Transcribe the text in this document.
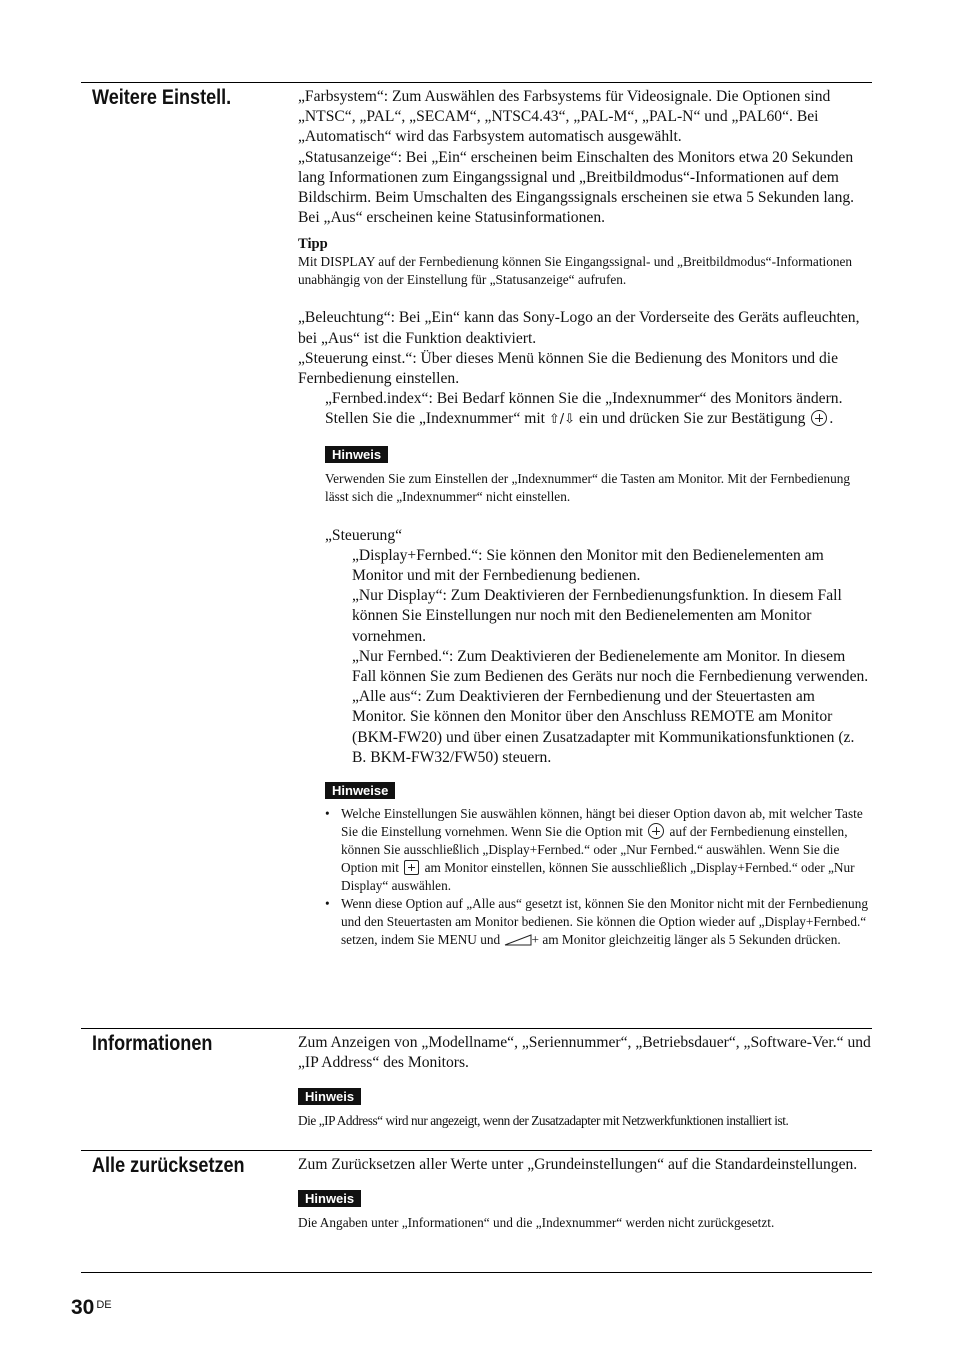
Weitere Einstell.	„Farbsystem“: Zum Auswählen des Farbsystems für Videosignale. Die Optionen sind „NTSC“, „PAL“, „SECAM“, „NTSC4.43“, „PAL-M“, „PAL-N“ und „PAL60“. Bei „Automatisch“ wird das Farbsystem automatisch ausgewählt.

„Statusanzeige“: Bei „Ein“ erscheinen beim Einschalten des Monitors etwa 20 Sekunden lang Informationen zum Eingangssignal und „Breitbildmodus“-Informationen auf dem Bildschirm. Beim Umschalten des Eingangssignals erscheinen sie etwa 5 Sekunden lang. Bei „Aus“ erscheinen keine Statusinformationen.

Tipp

Mit DISPLAY auf der Fernbedienung können Sie Eingangssignal- und „Breitbildmodus“-Informationen unabhängig von der Einstellung für „Statusanzeige“ aufrufen.

„Beleuchtung“: Bei „Ein“ kann das Sony-Logo an der Vorderseite des Geräts aufleuchten, bei „Aus“ ist die Funktion deaktiviert.

„Steuerung einst.“: Über dieses Menü können Sie die Bedienung des Monitors und die Fernbedienung einstellen.

„Fernbed.index“: Bei Bedarf können Sie die „Indexnummer“ des Monitors ändern. Stellen Sie die „Indexnummer“ mit ⇧/⇩ ein und drücken Sie zur Bestätigung .

Hinweis

Verwenden Sie zum Einstellen der „Indexnummer“ die Tasten am Monitor. Mit der Fernbedienung lässt sich die „Indexnummer“ nicht einstellen.

„Steuerung“

„Display+Fernbed.“: Sie können den Monitor mit den Bedienelementen am Monitor und mit der Fernbedienung bedienen.

„Nur Display“: Zum Deaktivieren der Fernbedienungsfunktion. In diesem Fall können Sie Einstellungen nur noch mit den Bedienelementen am Monitor vornehmen.

„Nur Fernbed.“: Zum Deaktivieren der Bedienelemente am Monitor. In diesem Fall können Sie zum Bedienen des Geräts nur noch die Fernbedienung verwenden.

„Alle aus“: Zum Deaktivieren der Fernbedienung und der Steuertasten am Monitor. Sie können den Monitor über den Anschluss REMOTE am Monitor (BKM-FW20) und über einen Zusatzadapter mit Kommunikationsfunktionen (z. B. BKM-FW32/FW50) steuern.

Hinweise

• Welche Einstellungen Sie auswählen können, hängt bei dieser Option davon ab, mit welcher Taste Sie die Einstellung vornehmen. Wenn Sie die Option mit  auf der Fernbedienung einstellen, können Sie ausschließlich „Display+Fernbed.“ oder „Nur Fernbed.“ auswählen. Wenn Sie die Option mit  am Monitor einstellen, können Sie ausschließlich „Display+Fernbed.“ oder „Nur Display“ auswählen.

• Wenn diese Option auf „Alle aus“ gesetzt ist, können Sie den Monitor nicht mit der Fernbedienung und den Steuertasten am Monitor bedienen. Sie können die Option wieder auf „Display+Fernbed.“ setzen, indem Sie MENU und + am Monitor gleichzeitig länger als 5 Sekunden drücken.

Informationen	Zum Anzeigen von „Modellname“, „Seriennummer“, „Betriebsdauer“, „Software-Ver.“ und „IP Address“ des Monitors.

Hinweis

Die „IP Address“ wird nur angezeigt, wenn der Zusatzadapter mit Netzwerkfunktionen installiert ist.

Alle zurücksetzen	Zum Zurücksetzen aller Werte unter „Grundeinstellungen“ auf die Standardeinstellungen.

Hinweis

Die Angaben unter „Informationen“ und die „Indexnummer“ werden nicht zurückgesetzt.

30 $^{DE}$
